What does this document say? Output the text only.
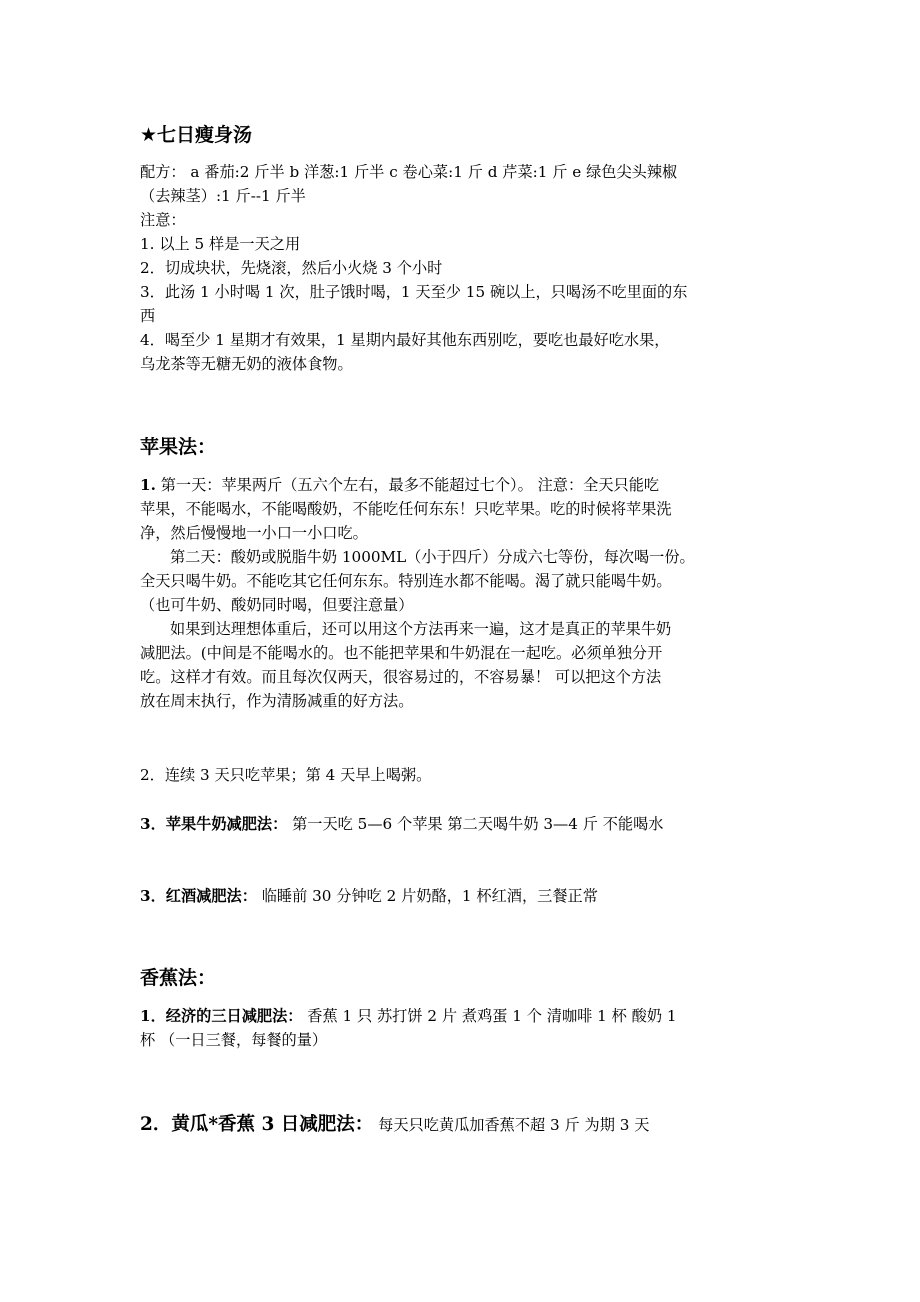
★七日瘦身汤
配方： a 番茄:2 斤半 b 洋葱:1 斤半 c 卷心菜:1 斤 d 芹菜:1 斤 e 绿色尖头辣椒
（去辣茎）:1 斤--1 斤半
注意：
1. 以上 5 样是一天之用
2．切成块状，先烧滚，然后小火烧 3 个小时
3．此汤 1 小时喝 1 次，肚子饿时喝，1 天至少 15 碗以上，只喝汤不吃里面的东
西
4．喝至少 1 星期才有效果，1 星期内最好其他东西别吃，要吃也最好吃水果，
乌龙茶等无糖无奶的液体食物。
苹果法：
1. 第一天：苹果两斤（五六个左右，最多不能超过七个）。 注意：全天只能吃
苹果，不能喝水，不能喝酸奶，不能吃任何东东！只吃苹果。吃的时候将苹果洗
净，然后慢慢地一小口一小口吃。
第二天：酸奶或脱脂牛奶 1000ML（小于四斤）分成六七等份，每次喝一份。
全天只喝牛奶。不能吃其它任何东东。特别连水都不能喝。渴了就只能喝牛奶。
（也可牛奶、酸奶同时喝，但要注意量）
如果到达理想体重后，还可以用这个方法再来一遍，这才是真正的苹果牛奶
减肥法。(中间是不能喝水的。也不能把苹果和牛奶混在一起吃。必须单独分开
吃。这样才有效。而且每次仅两天，很容易过的，不容易暴！ 可以把这个方法
放在周末执行，作为清肠减重的好方法。
2．连续 3 天只吃苹果；第 4 天早上喝粥。
3．苹果牛奶减肥法： 第一天吃 5—6 个苹果 第二天喝牛奶 3—4 斤 不能喝水
3．红酒减肥法： 临睡前 30 分钟吃 2 片奶酪，1 杯红酒，三餐正常
香蕉法：
1．经济的三日减肥法： 香蕉 1 只 苏打饼 2 片 煮鸡蛋 1 个 清咖啡 1 杯 酸奶 1
杯 （一日三餐，每餐的量）
2．黄瓜*香蕉 3 日减肥法： 每天只吃黄瓜加香蕉不超 3 斤 为期 3 天
